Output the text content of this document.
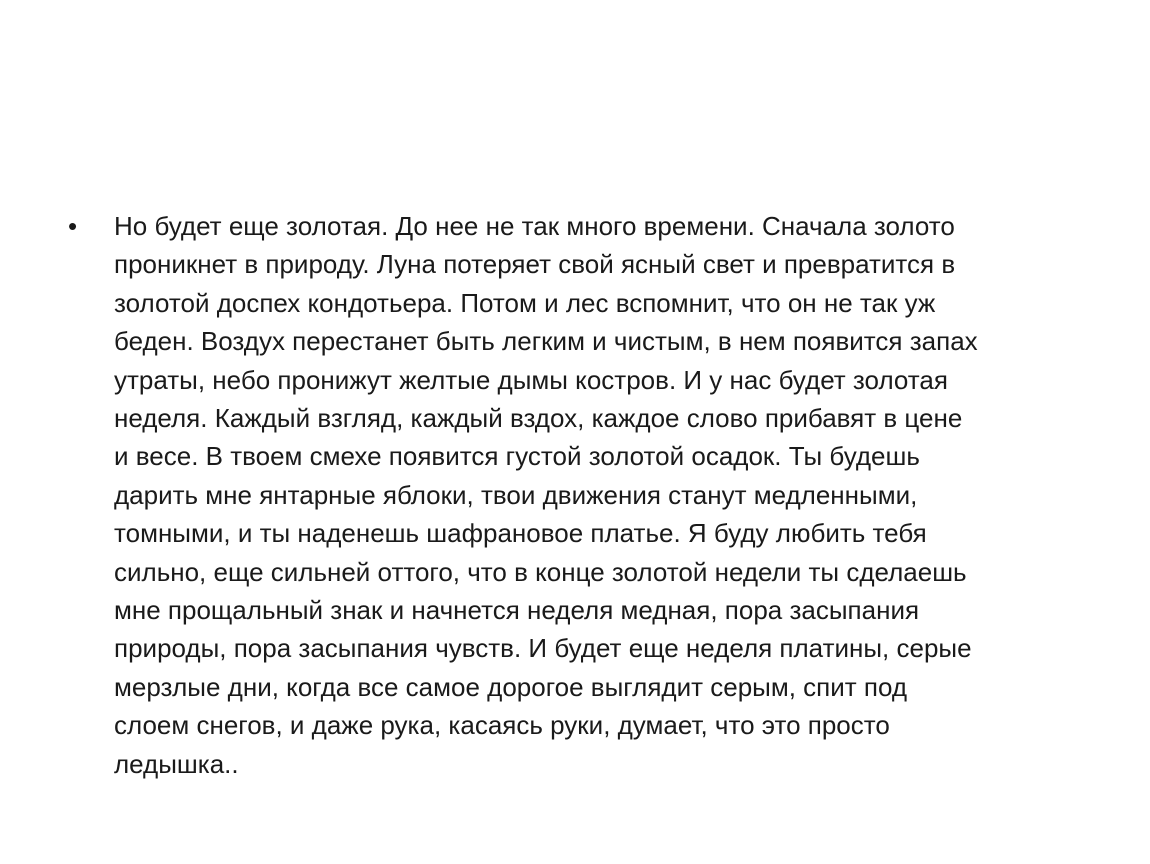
•	Но будет еще золотая. До нее не так много времени. Сначала золото
проникнет в природу. Луна потеряет свой ясный свет и превратится в
золотой доспех кондотьера. Потом и лес вспомнит, что он не так уж
беден. Воздух перестанет быть легким и чистым, в нем появится запах
утраты, небо пронижут желтые дымы костров. И у нас будет золотая
неделя. Каждый взгляд, каждый вздох, каждое слово прибавят в цене
и весе. В твоем смехе появится густой золотой осадок. Ты будешь
дарить мне янтарные яблоки, твои движения станут медленными,
томными, и ты наденешь шафрановое платье. Я буду любить тебя
сильно, еще сильней оттого, что в конце золотой недели ты сделаешь
мне прощальный знак и начнется неделя медная, пора засыпания
природы, пора засыпания чувств. И будет еще неделя платины, серые
мерзлые дни, когда все самое дорогое выглядит серым, спит под
слоем снегов, и даже рука, касаясь руки, думает, что это просто
ледышка..
